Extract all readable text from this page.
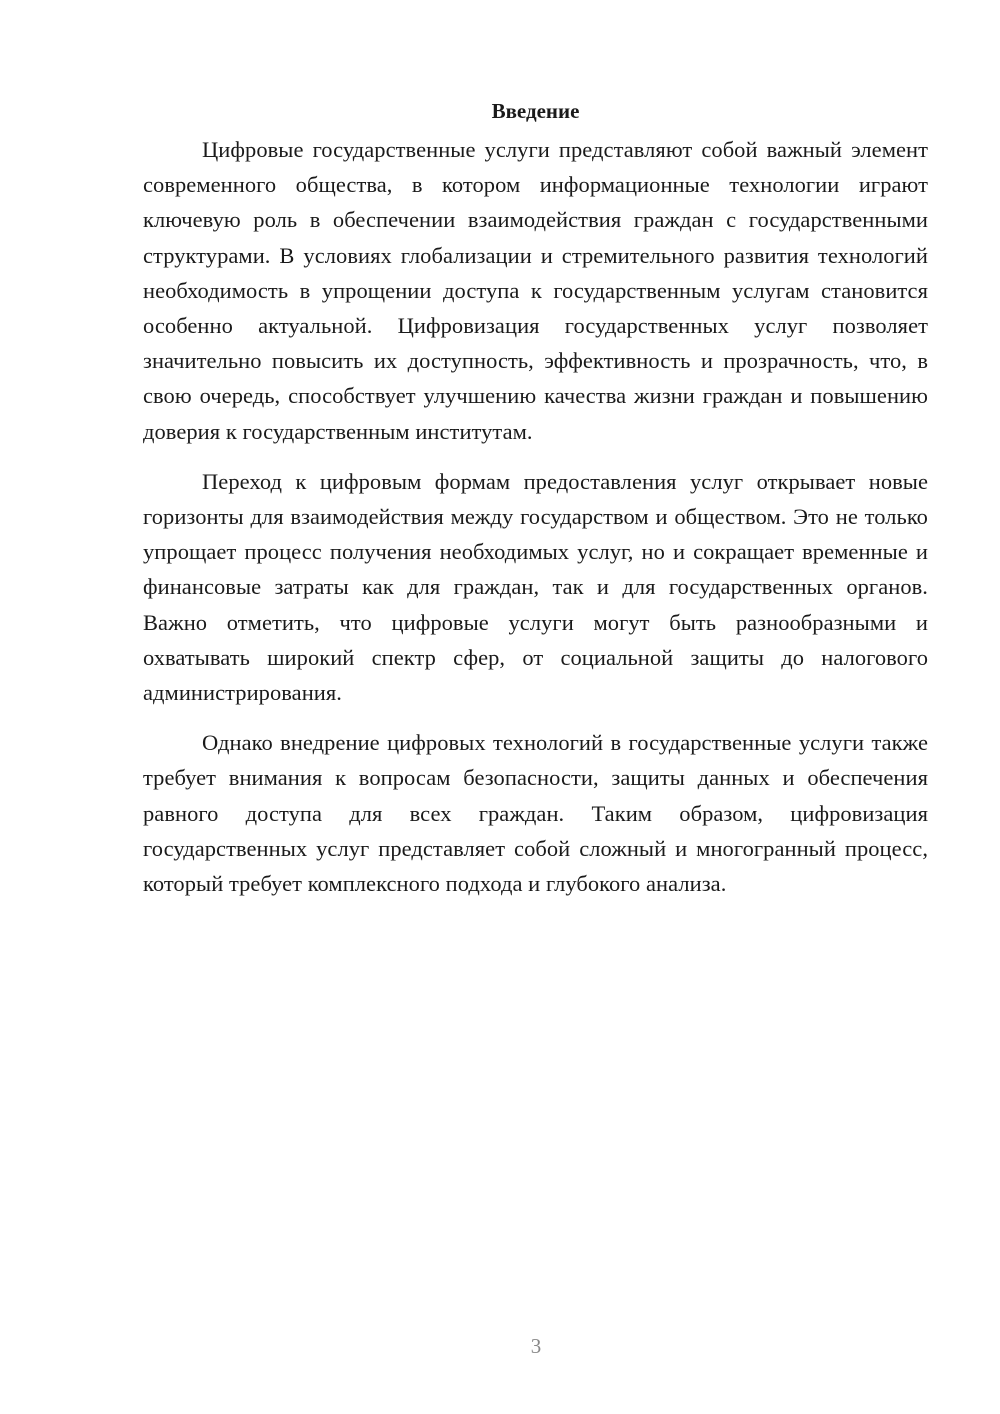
Введение

Цифровые государственные услуги представляют собой важный элемент современного общества, в котором информационные технологии играют ключевую роль в обеспечении взаимодействия граждан с государственными структурами. В условиях глобализации и стремительного развития технологий необходимость в упрощении доступа к государственным услугам становится особенно актуальной. Цифровизация государственных услуг позволяет значительно повысить их доступность, эффективность и прозрачность, что, в свою очередь, способствует улучшению качества жизни граждан и повышению доверия к государственным институтам.

Переход к цифровым формам предоставления услуг открывает новые горизонты для взаимодействия между государством и обществом. Это не только упрощает процесс получения необходимых услуг, но и сокращает временные и финансовые затраты как для граждан, так и для государственных органов. Важно отметить, что цифровые услуги могут быть разнообразными и охватывать широкий спектр сфер, от социальной защиты до налогового администрирования.

Однако внедрение цифровых технологий в государственные услуги также требует внимания к вопросам безопасности, защиты данных и обеспечения равного доступа для всех граждан. Таким образом, цифровизация государственных услуг представляет собой сложный и многогранный процесс, который требует комплексного подхода и глубокого анализа.

3
